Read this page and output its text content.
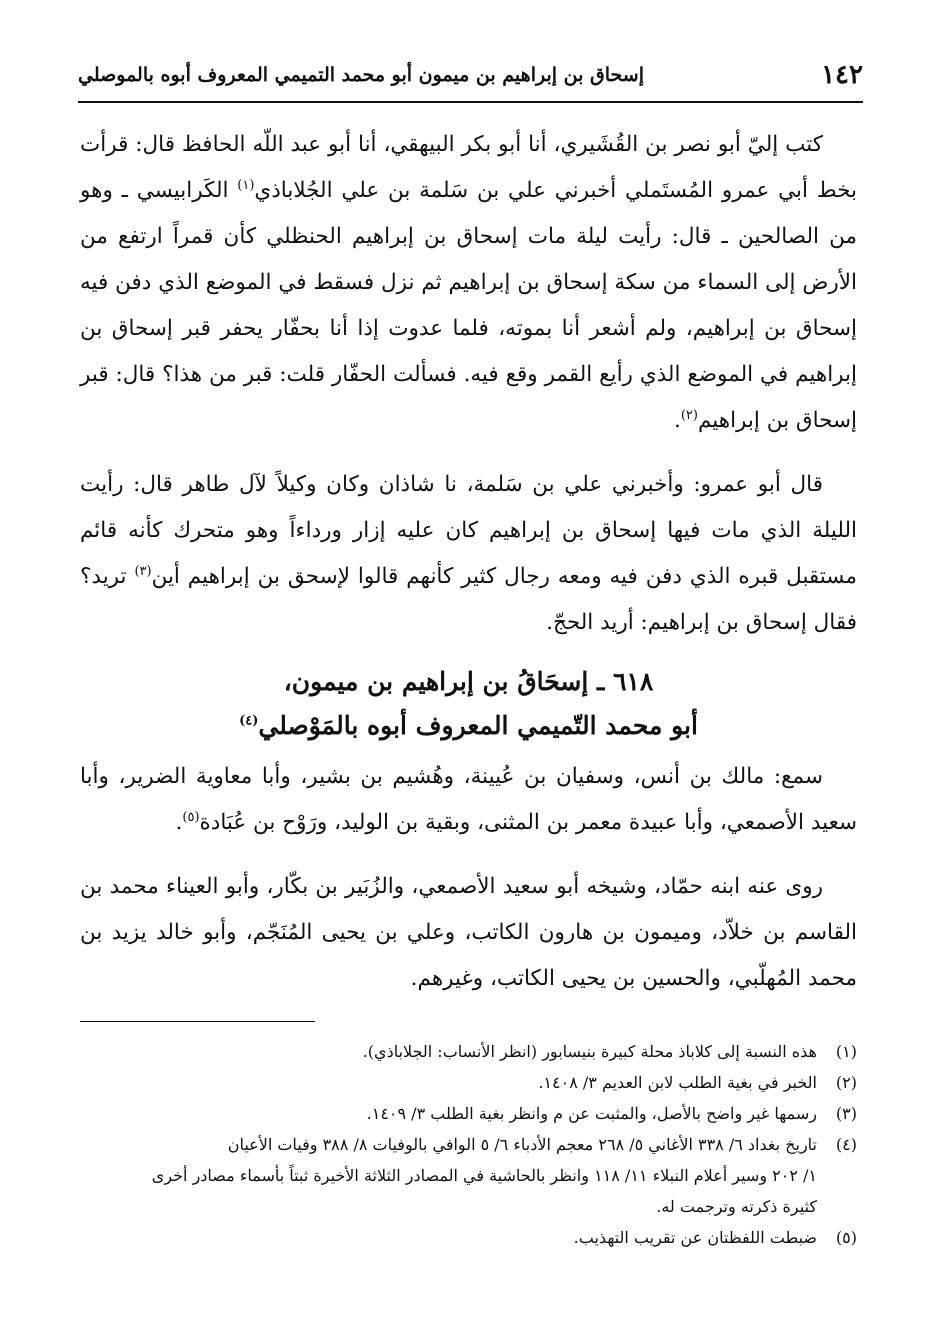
١٤٢
إسحاق بن إبراهيم بن ميمون أبو محمد التميمي المعروف أبوه بالموصلي

كتب إليّ أبو نصر بن القُشَيري، أنا أبو بكر البيهقي، أنا أبو عبد اللّه الحافظ قال: قرأت بخط أبي عمرو المُستَملي أخبرني علي بن سَلمة بن علي الجُلاباذي$^{(١)}$ الكَرابيسي ـ وهو من الصالحين ـ قال: رأيت ليلة مات إسحاق بن إبراهيم الحنظلي كأن قمراً ارتفع من الأرض إلى السماء من سكة إسحاق بن إبراهيم ثم نزل فسقط في الموضع الذي دفن فيه إسحاق بن إبراهيم، ولم أشعر أنا بموته، فلما عدوت إذا أنا بحفّار يحفر قبر إسحاق بن إبراهيم في الموضع الذي رأيع القمر وقع فيه. فسألت الحفّار قلت: قبر من هذا؟ قال: قبر إسحاق بن إبراهيم$^{(٢)}$.

قال أبو عمرو: وأخبرني علي بن سَلمة، نا شاذان وكان وكيلاً لآل طاهر قال: رأيت الليلة الذي مات فيها إسحاق بن إبراهيم كان عليه إزار ورداءاً وهو متحرك كأنه قائم مستقبل قبره الذي دفن فيه ومعه رجال كثير كأنهم قالوا لإسحق بن إبراهيم أين$^{(٣)}$ تريد؟ فقال إسحاق بن إبراهيم: أريد الحجّ.

٦١٨ ـ إسحَاقُ بن إبراهيم بن ميمون،
أبو محمد التّميمي المعروف أبوه بالمَوْصلي$^{(٤)}$

سمع: مالك بن أنس، وسفيان بن عُيينة، وهُشيم بن بشير، وأبا معاوية الضرير، وأبا سعيد الأصمعي، وأبا عبيدة معمر بن المثنى، وبقية بن الوليد، ورَوْح بن عُبَادة$^{(٥)}$.

روى عنه ابنه حمّاد، وشيخه أبو سعيد الأصمعي، والزُبَير بن بكّار، وأبو العيناء محمد بن القاسم بن خلاّد، وميمون بن هارون الكاتب، وعلي بن يحيى المُنَجّم، وأبو خالد يزيد بن محمد المُهلّبي، والحسين بن يحيى الكاتب، وغيرهم.

(١)
هذه النسبة إلى كلاباذ محلة كبيرة بنيسابور (انظر الأنساب: الجلاباذي).
(٢)
الخبر في بغية الطلب لابن العديم ٣/ ١٤٠٨.
(٣)
رسمها غير واضح بالأصل، والمثبت عن م وانظر بغية الطلب ٣/ ١٤٠٩.
(٤)
تاريخ بغداد ٦/ ٣٣٨ الأغاني ٥/ ٢٦٨ معجم الأدباء ٦/ ٥ الوافي بالوفيات ٨/ ٣٨٨ وفيات الأعيان
١/ ٢٠٢ وسير أعلام النبلاء ١١/ ١١٨ وانظر بالحاشية في المصادر الثلاثة الأخيرة ثبتاً بأسماء مصادر أخرى
كثيرة ذكرته وترجمت له.
(٥)
ضبطت اللفظتان عن تقريب التهذيب.
